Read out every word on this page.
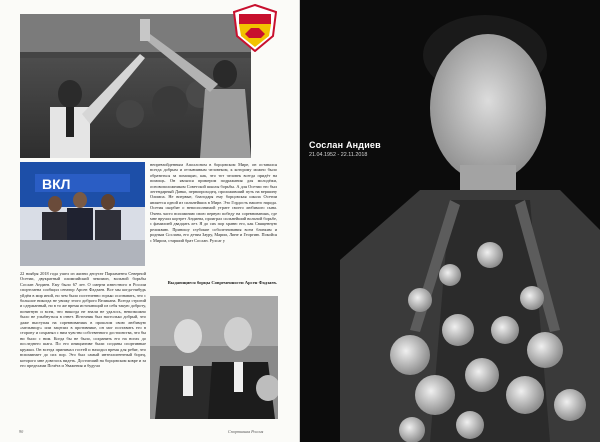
ВКЛ

непревзойденным Аполлоном в борцовском Мире, он оставался всегда добрым и отзывчивым человеком, к которому можно было обратиться за помощью, как, что тот человек всегда придёт на помощь. Он являлся примером подражания для молодёжи, основоположником Советской школы борьбы. А для Осетии это был легендарный Данко, первопроходец, проложивший путь на вершину Олимпа. Не впервые, благодаря ему борцовская школа Осетии является одной из сильнейших в Мире. Это Гордость нашего народа. Осетия скорбит о невосполнимой утрате своего любимого сына. Очень часто вспоминаю свою первую победу на соревнованиях, где мне вручил кортрет Андиева, проиграл сильнейший вольной борьбе, с фамилией двадцать лет. Я до сих пор храню его, как Священную реликвию. Приношу глубокие соболезнования всем близким и родным Сослана, его детям Зауру, Марии, Лине и Георгию. Покойся с Миром, старший брат Сослан. Рухсаг у

Выдающиеся борцы Современности Арсен Фадзаев.

22 ноября 2018 года ушел из жизни депутат Парламента Северной Осетии, двукратный олимпийский чемпион, вольной борьбы Сослан Андиев. Ему было 67 лет. О смерти известного в России спортсмена сообщил сенатор Арсен Фадзаев. Все мы когда-нибудь уйдём в мир иной, но чем было постепенно горько осознавать, что с большое никогда не увижу этого доброго Великана. Всегда строгий и сдержанный, но в то же время источающий из себя такую доброту, понятную и всем, что никогда не знали не удалось, невозможно было не улыбнуться в ответ. Источник был настолько добрый, что даже выступая на соревнованиях в прошлом свою любимую «мельницу» или зацепил в противнике, он мог поставить его в сторону и сохранял с ним чувство собственного достоинства, что бы ни было с ним. Когда бы не было, сохранить его на ногах до последнего шага. По его инициативе были созданы спортивные кружки. Он всегда принимал гостей и находил время для ребят, что вспоминает до сих пор. Это был самый интеллигентный борец, которого мне довелось видеть. Достигший на борцовском ковре и за его пределами Почёта и Уважения и будучи

90	Спортивная Россия
Сослан Андиев
21.04.1952 - 22.11.2018
